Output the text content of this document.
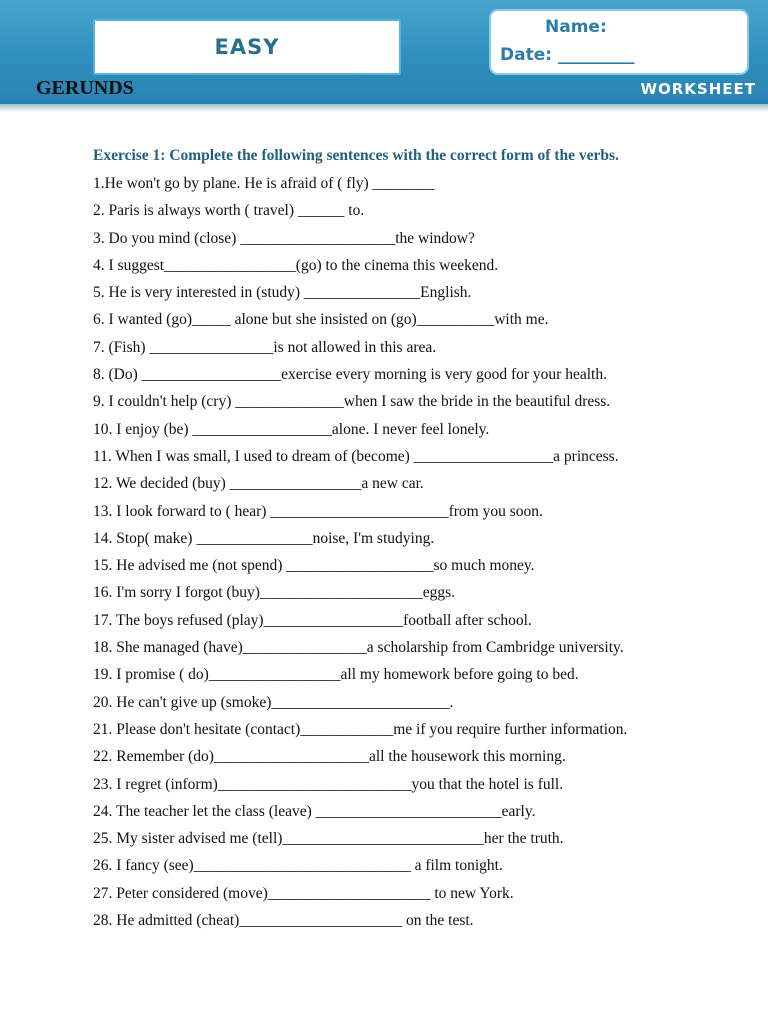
EASY
Name:
Date: _________
GERUNDS	WORKSHEET
Exercise 1: Complete the following sentences with the correct form of the verbs.
1.He won't go by plane. He is afraid of ( fly) ________
2. Paris is always worth ( travel) ______ to.
3. Do you mind (close) ____________________the window?
4. I suggest_________________(go) to the cinema this weekend.
5. He is very interested in (study) _______________English.
6. I wanted (go)_____ alone but she insisted on (go)__________with me.
7. (Fish) ________________is not allowed in this area.
8. (Do) __________________exercise every morning is very good for your health.
9. I couldn't help (cry) ______________when I saw the bride in the beautiful dress.
10. I enjoy (be) __________________alone. I never feel lonely.
11. When I was small, I used to dream of (become) __________________a princess.
12. We decided (buy) _________________a new car.
13. I look forward to ( hear) _______________________from you soon.
14. Stop( make) _______________noise, I'm studying.
15. He advised me (not spend) ___________________so much money.
16. I'm sorry I forgot (buy)_____________________eggs.
17. The boys refused (play)__________________football after school.
18. She managed (have)________________a scholarship from Cambridge university.
19. I promise ( do)_________________all my homework before going to bed.
20. He can't give up (smoke)_______________________.
21. Please don't hesitate (contact)____________me if you require further information.
22. Remember (do)____________________all the housework this morning.
23. I regret (inform)_________________________you that the hotel is full.
24. The teacher let the class (leave) ________________________early.
25. My sister advised me (tell)__________________________her the truth.
26. I fancy (see)____________________________ a film tonight.
27. Peter considered (move)_____________________ to new York.
28. He admitted (cheat)_____________________ on the test.
